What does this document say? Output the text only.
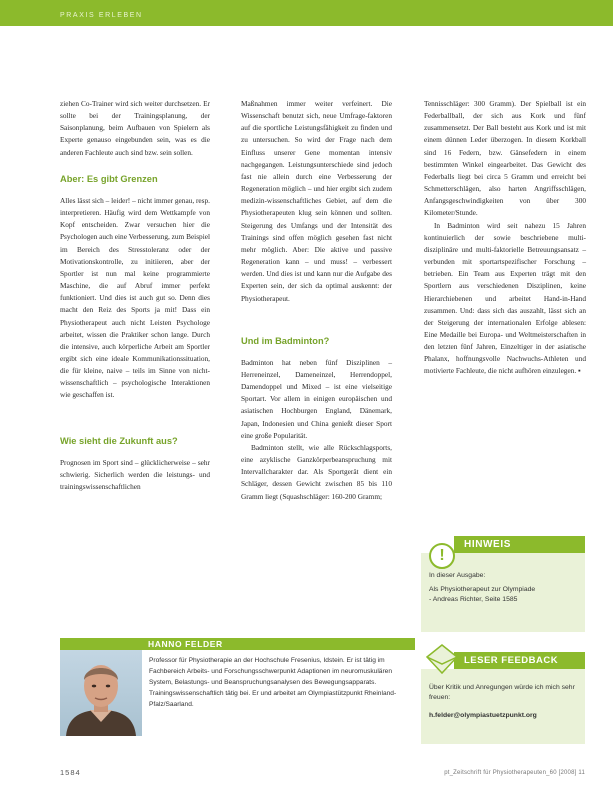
PRAXIS ERLEBEN

ziehen Co-Trainer wird sich weiter durchsetzen. Er sollte bei der Trainingsplanung, der Saisonplanung, beim Aufbauen von Spielern als Experte genauso eingebunden sein, was es die anderen Fachleute auch sind bzw. sein sollen.

Aber: Es gibt Grenzen

Alles lässt sich – leider! – nicht immer genau, resp. interpretieren. Häufig wird dem Wettkampfe von Kopf entscheiden. Zwar versuchen hier die Psychologen auch eine Verbesserung, zum Beispiel im Bereich des Stresstoleranz oder der Motivationskontrolle, zu initiieren, aber der Sportler ist nun mal keine programmierte Maschine, die auf Abruf immer perfekt funktioniert. Und dies ist auch gut so. Denn dies macht den Reiz des Sports ja mit! Dass ein Physiotherapeut auch nicht Leisten Psychologe arbeitet, wissen die Praktiker schon lange. Durch die intensive, auch körperliche Arbeit am Sportler ergibt sich eine ideale Kommunikationssituation, die für kleine, naive – teils im Sinne von nicht-wissenschaftlich – psychologische Interaktionen wie geschaffen ist.

Wie sieht die Zukunft aus?

Prognosen im Sport sind – glücklicherweise – sehr schwierig. Sicherlich werden die leistungs- und trainingswissenschaftlichen

Maßnahmen immer weiter verfeinert. Die Wissenschaft benutzt sich, neue Umfrage-faktoren auf die sportliche Leistungsfähigkeit zu finden und zu untersuchen. So wird der Frage nach dem Einfluss unserer Gene momentan intensiv nachgegangen. Leistungsunterschiede sind jedoch fast nie allein durch eine Verbesserung der Regeneration möglich – und hier ergibt sich zudem medizin-wissenschaftliches Gebiet, auf dem die Physiotherapeuten klug sein können und sollten. Steigerung des Umfangs und der Intensität des Trainings sind offen möglich gesehen fast nicht mehr möglich. Aber: Die aktive und passive Regeneration kann – und muss! – verbessert werden. Und dies ist und kann nur die Aufgabe des Experten sein, der sich da optimal auskennt: der Physiotherapeut.

Und im Badminton?

Badminton hat neben fünf Disziplinen – Herreneinzel, Dameneinzel, Herrendoppel, Damendoppel und Mixed – ist eine vielseitige Sportart. Vor allem in einigen europäischen und asiatischen Hochburgen England, Dänemark, Japan, Indonesien und China genießt dieser Sport eine große Popularität.

Badminton stellt, wie alle Rückschlagsports, eine azyklische Ganzkörperbeanspruchung mit Intervallcharakter dar. Als Sportgerät dient ein Schläger, dessen Gewicht zwischen 85 bis 110 Gramm liegt (Squashschläger: 160-200 Gramm;

Tennisschläger: 300 Gramm). Der Spielball ist ein Federballball, der sich aus Kork und fünf zusammensetzt. Der Ball besteht aus Kork und ist mit einem dünnen Leder überzogen. In diesem Korkball sind 16 Federn, bzw. Gänsefedern in einem bestimmten Winkel eingearbeitet. Das Gewicht des Federballs liegt bei circa 5 Gramm und erreicht bei Schmetterschlägen, also harten Angriffsschlägen, Anfangsgeschwindigkeiten von über 300 Kilometer/Stunde.

In Badminton wird seit nahezu 15 Jahren kontinuierlich der sowie beschriebene multi-disziplinäre und multi-faktorielle Betreuungsansatz – verbunden mit sportartspezifischer Forschung – betrieben. Ein Team aus Experten trägt mit den Sportlern aus verschiedenen Disziplinen, keine Hierarchiebenen und arbeitet Hand-in-Hand zusammen. Und: dass sich das auszahlt, lässt sich an der Steigerung der internationalen Erfolge ablesen: Eine Medaille bei Europa- und Weltmeisterschaften in den letzten fünf Jahren, Einzeltiger in der asiatische Phalanx, hoffnungsvolle Nachwuchs-Athleten und motivierte Fachleute, die nicht aufhören einzulegen. ▪

HINWEIS
!
In dieser Ausgabe:
Als Physiotherapeut zur Olympiade
- Andreas Richter, Seite 1585
HANNO FELDER
Professor für Physiotherapie an der Hochschule Fresenius, Idstein. Er ist tätig im Fachbereich Arbeits- und Forschungsschwerpunkt Adaptionen im neuromuskulären System, Belastungs- und Beanspruchungsanalysen des Bewegungsapparats. Trainingswissenschaftlich tätig bei. Er und arbeitet am Olympiastützpunkt Rheinland-Pfalz/Saarland.
LESER FEEDBACK
Über Kritik und Anregungen würde ich mich sehr freuen:
h.felder@olympiastuetzpunkt.org
1584	pt_Zeitschrift für Physiotherapeuten_60 [2008] 11
